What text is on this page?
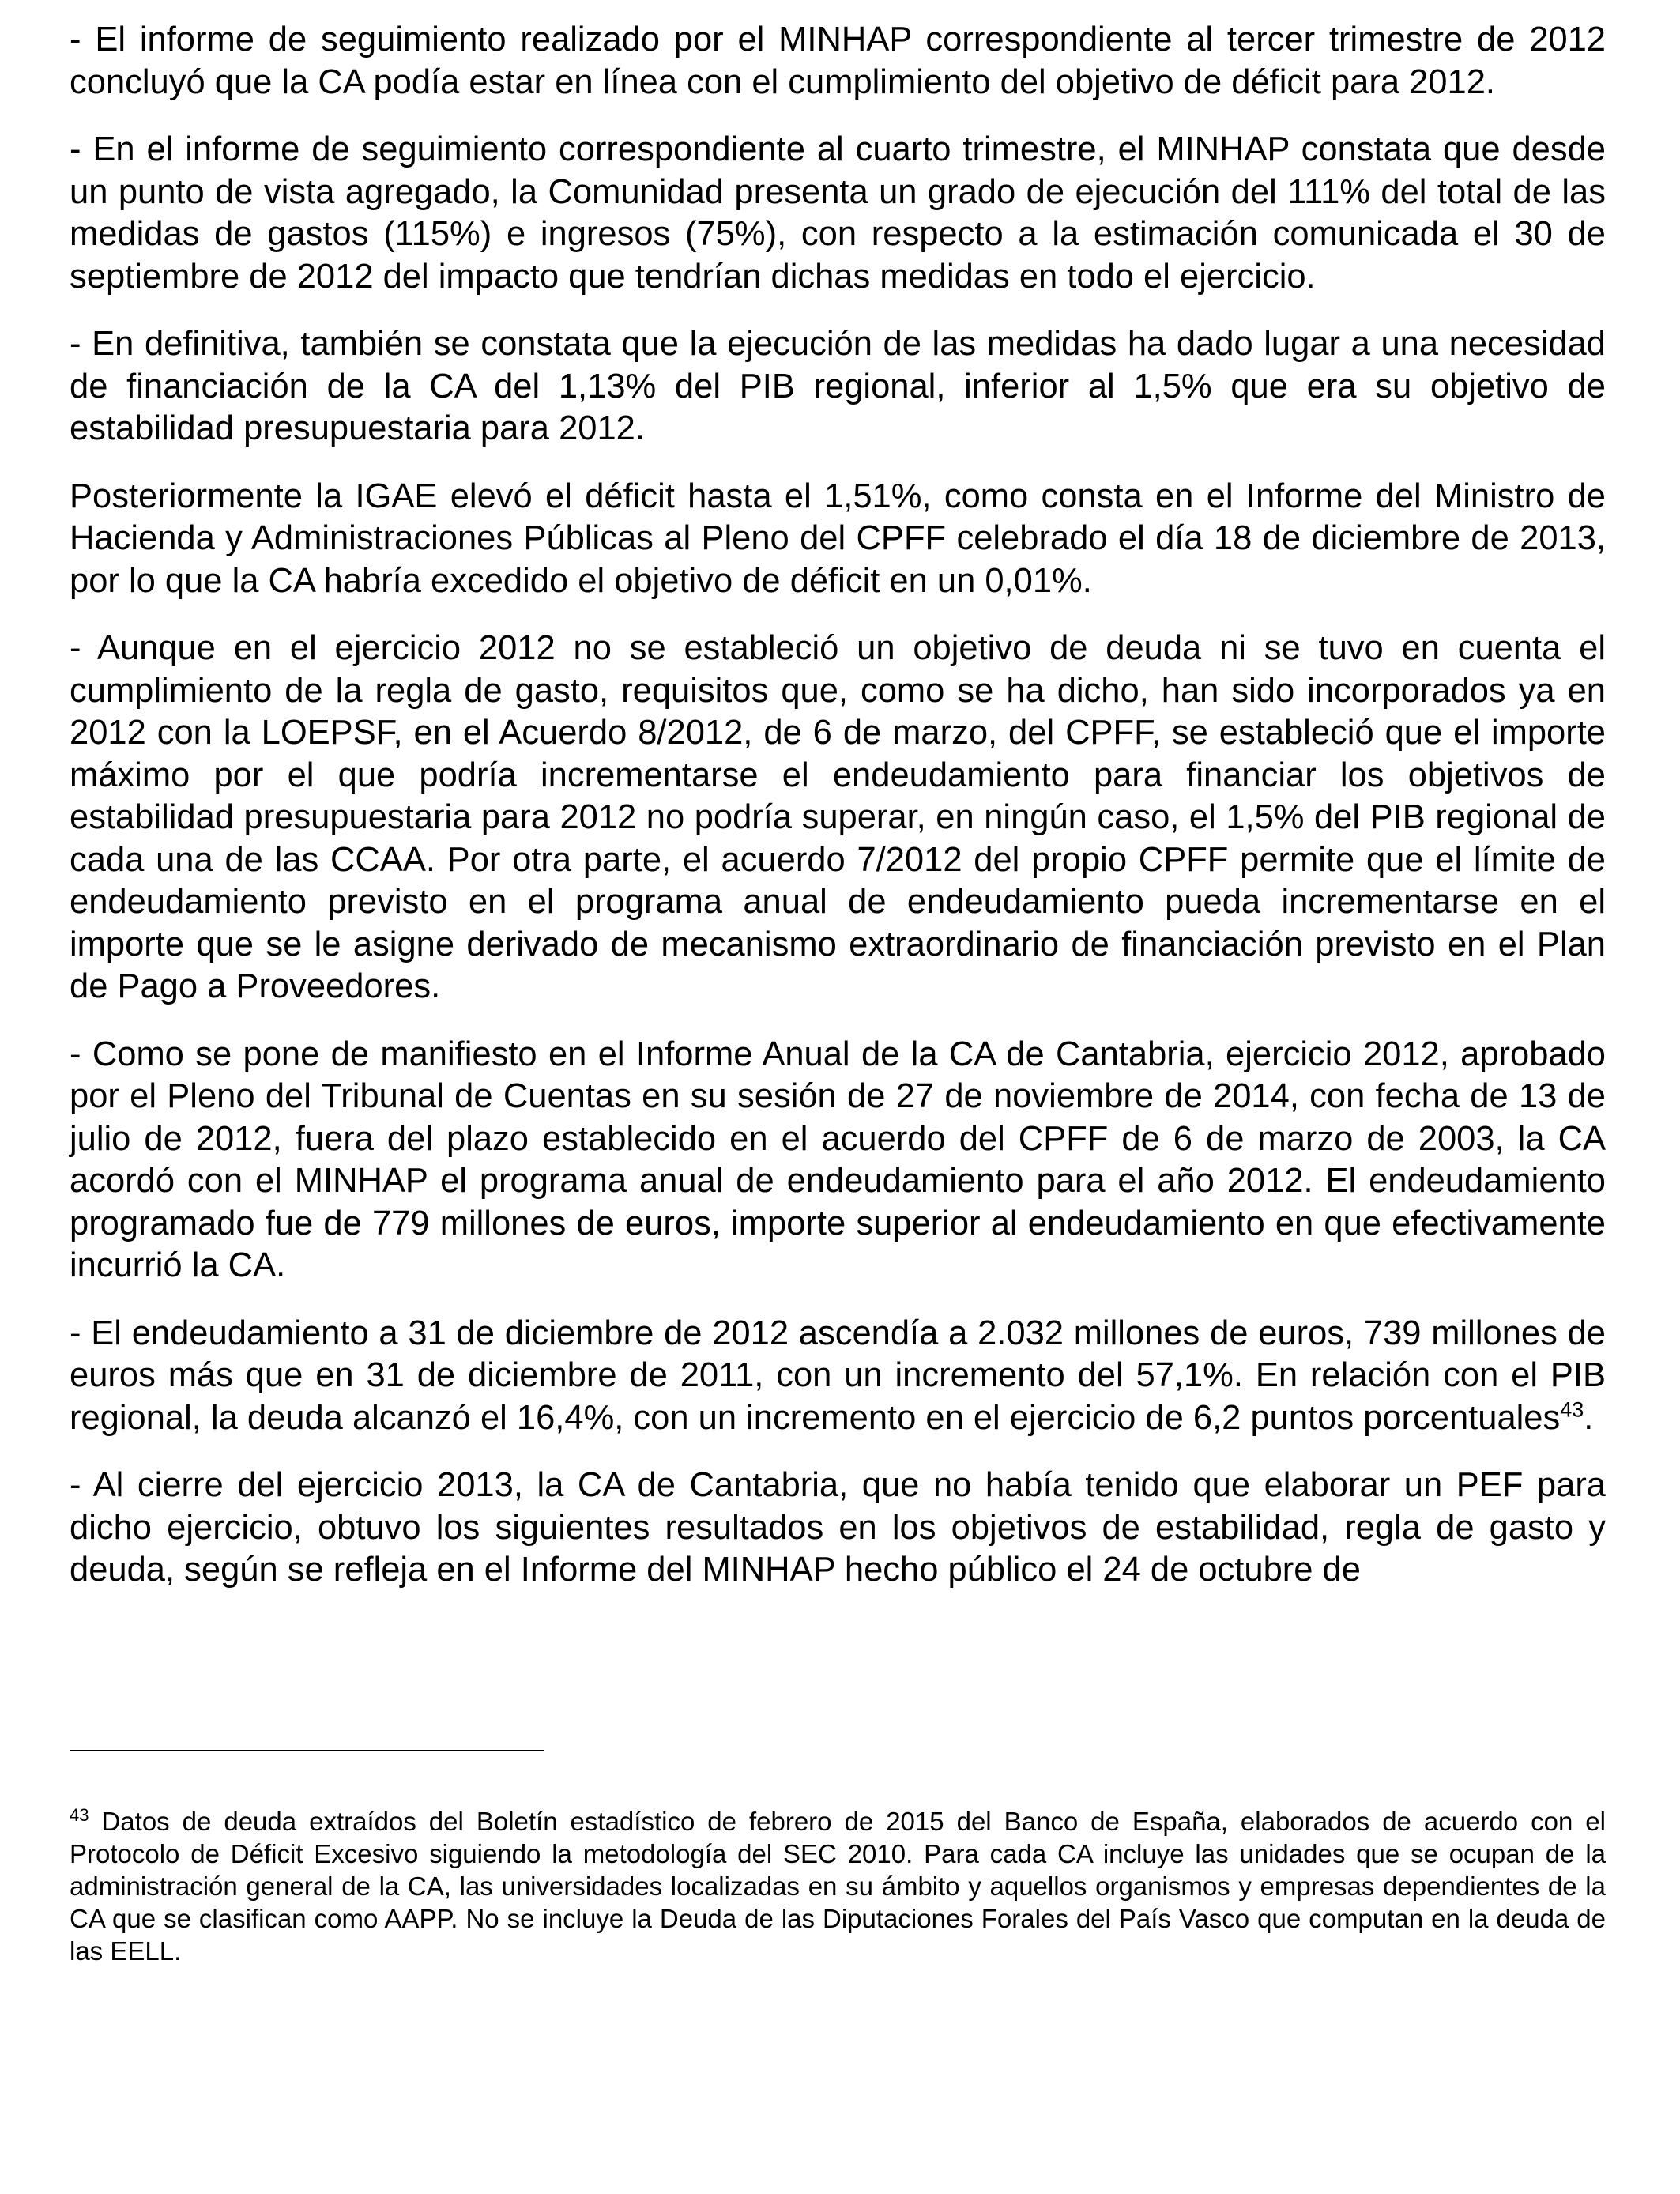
- El informe de seguimiento realizado por el MINHAP correspondiente al tercer trimestre de 2012 concluyó que la CA podía estar en línea con el cumplimiento del objetivo de déficit para 2012.

- En el informe de seguimiento correspondiente al cuarto trimestre, el MINHAP constata que desde un punto de vista agregado, la Comunidad presenta un grado de ejecución del 111% del total de las medidas de gastos (115%) e ingresos (75%), con respecto a la estimación comunicada el 30 de septiembre de 2012 del impacto que tendrían dichas medidas en todo el ejercicio.

- En definitiva, también se constata que la ejecución de las medidas ha dado lugar a una necesidad de financiación de la CA del 1,13% del PIB regional, inferior al 1,5% que era su objetivo de estabilidad presupuestaria para 2012.

Posteriormente la IGAE elevó el déficit hasta el 1,51%, como consta en el Informe del Ministro de Hacienda y Administraciones Públicas al Pleno del CPFF celebrado el día 18 de diciembre de 2013, por lo que la CA habría excedido el objetivo de déficit en un 0,01%.

- Aunque en el ejercicio 2012 no se estableció un objetivo de deuda ni se tuvo en cuenta el cumplimiento de la regla de gasto, requisitos que, como se ha dicho, han sido incorporados ya en 2012 con la LOEPSF, en el Acuerdo 8/2012, de 6 de marzo, del CPFF, se estableció que el importe máximo por el que podría incrementarse el endeudamiento para financiar los objetivos de estabilidad presupuestaria para 2012 no podría superar, en ningún caso, el 1,5% del PIB regional de cada una de las CCAA. Por otra parte, el acuerdo 7/2012 del propio CPFF permite que el límite de endeudamiento previsto en el programa anual de endeudamiento pueda incrementarse en el importe que se le asigne derivado de mecanismo extraordinario de financiación previsto en el Plan de Pago a Proveedores.

- Como se pone de manifiesto en el Informe Anual de la CA de Cantabria, ejercicio 2012, aprobado por el Pleno del Tribunal de Cuentas en su sesión de 27 de noviembre de 2014, con fecha de 13 de julio de 2012, fuera del plazo establecido en el acuerdo del CPFF de 6 de marzo de 2003, la CA acordó con el MINHAP el programa anual de endeudamiento para el año 2012. El endeudamiento programado fue de 779 millones de euros, importe superior al endeudamiento en que efectivamente incurrió la CA.

- El endeudamiento a 31 de diciembre de 2012 ascendía a 2.032 millones de euros, 739 millones de euros más que en 31 de diciembre de 2011, con un incremento del 57,1%. En relación con el PIB regional, la deuda alcanzó el 16,4%, con un incremento en el ejercicio de 6,2 puntos porcentuales$^{43}$.

- Al cierre del ejercicio 2013, la CA de Cantabria, que no había tenido que elaborar un PEF para dicho ejercicio, obtuvo los siguientes resultados en los objetivos de estabilidad, regla de gasto y deuda, según se refleja en el Informe del MINHAP hecho público el 24 de octubre de

$^{43}$ Datos de deuda extraídos del Boletín estadístico de febrero de 2015 del Banco de España, elaborados de acuerdo con el Protocolo de Déficit Excesivo siguiendo la metodología del SEC 2010. Para cada CA incluye las unidades que se ocupan de la administración general de la CA, las universidades localizadas en su ámbito y aquellos organismos y empresas dependientes de la CA que se clasifican como AAPP. No se incluye la Deuda de las Diputaciones Forales del País Vasco que computan en la deuda de las EELL.
